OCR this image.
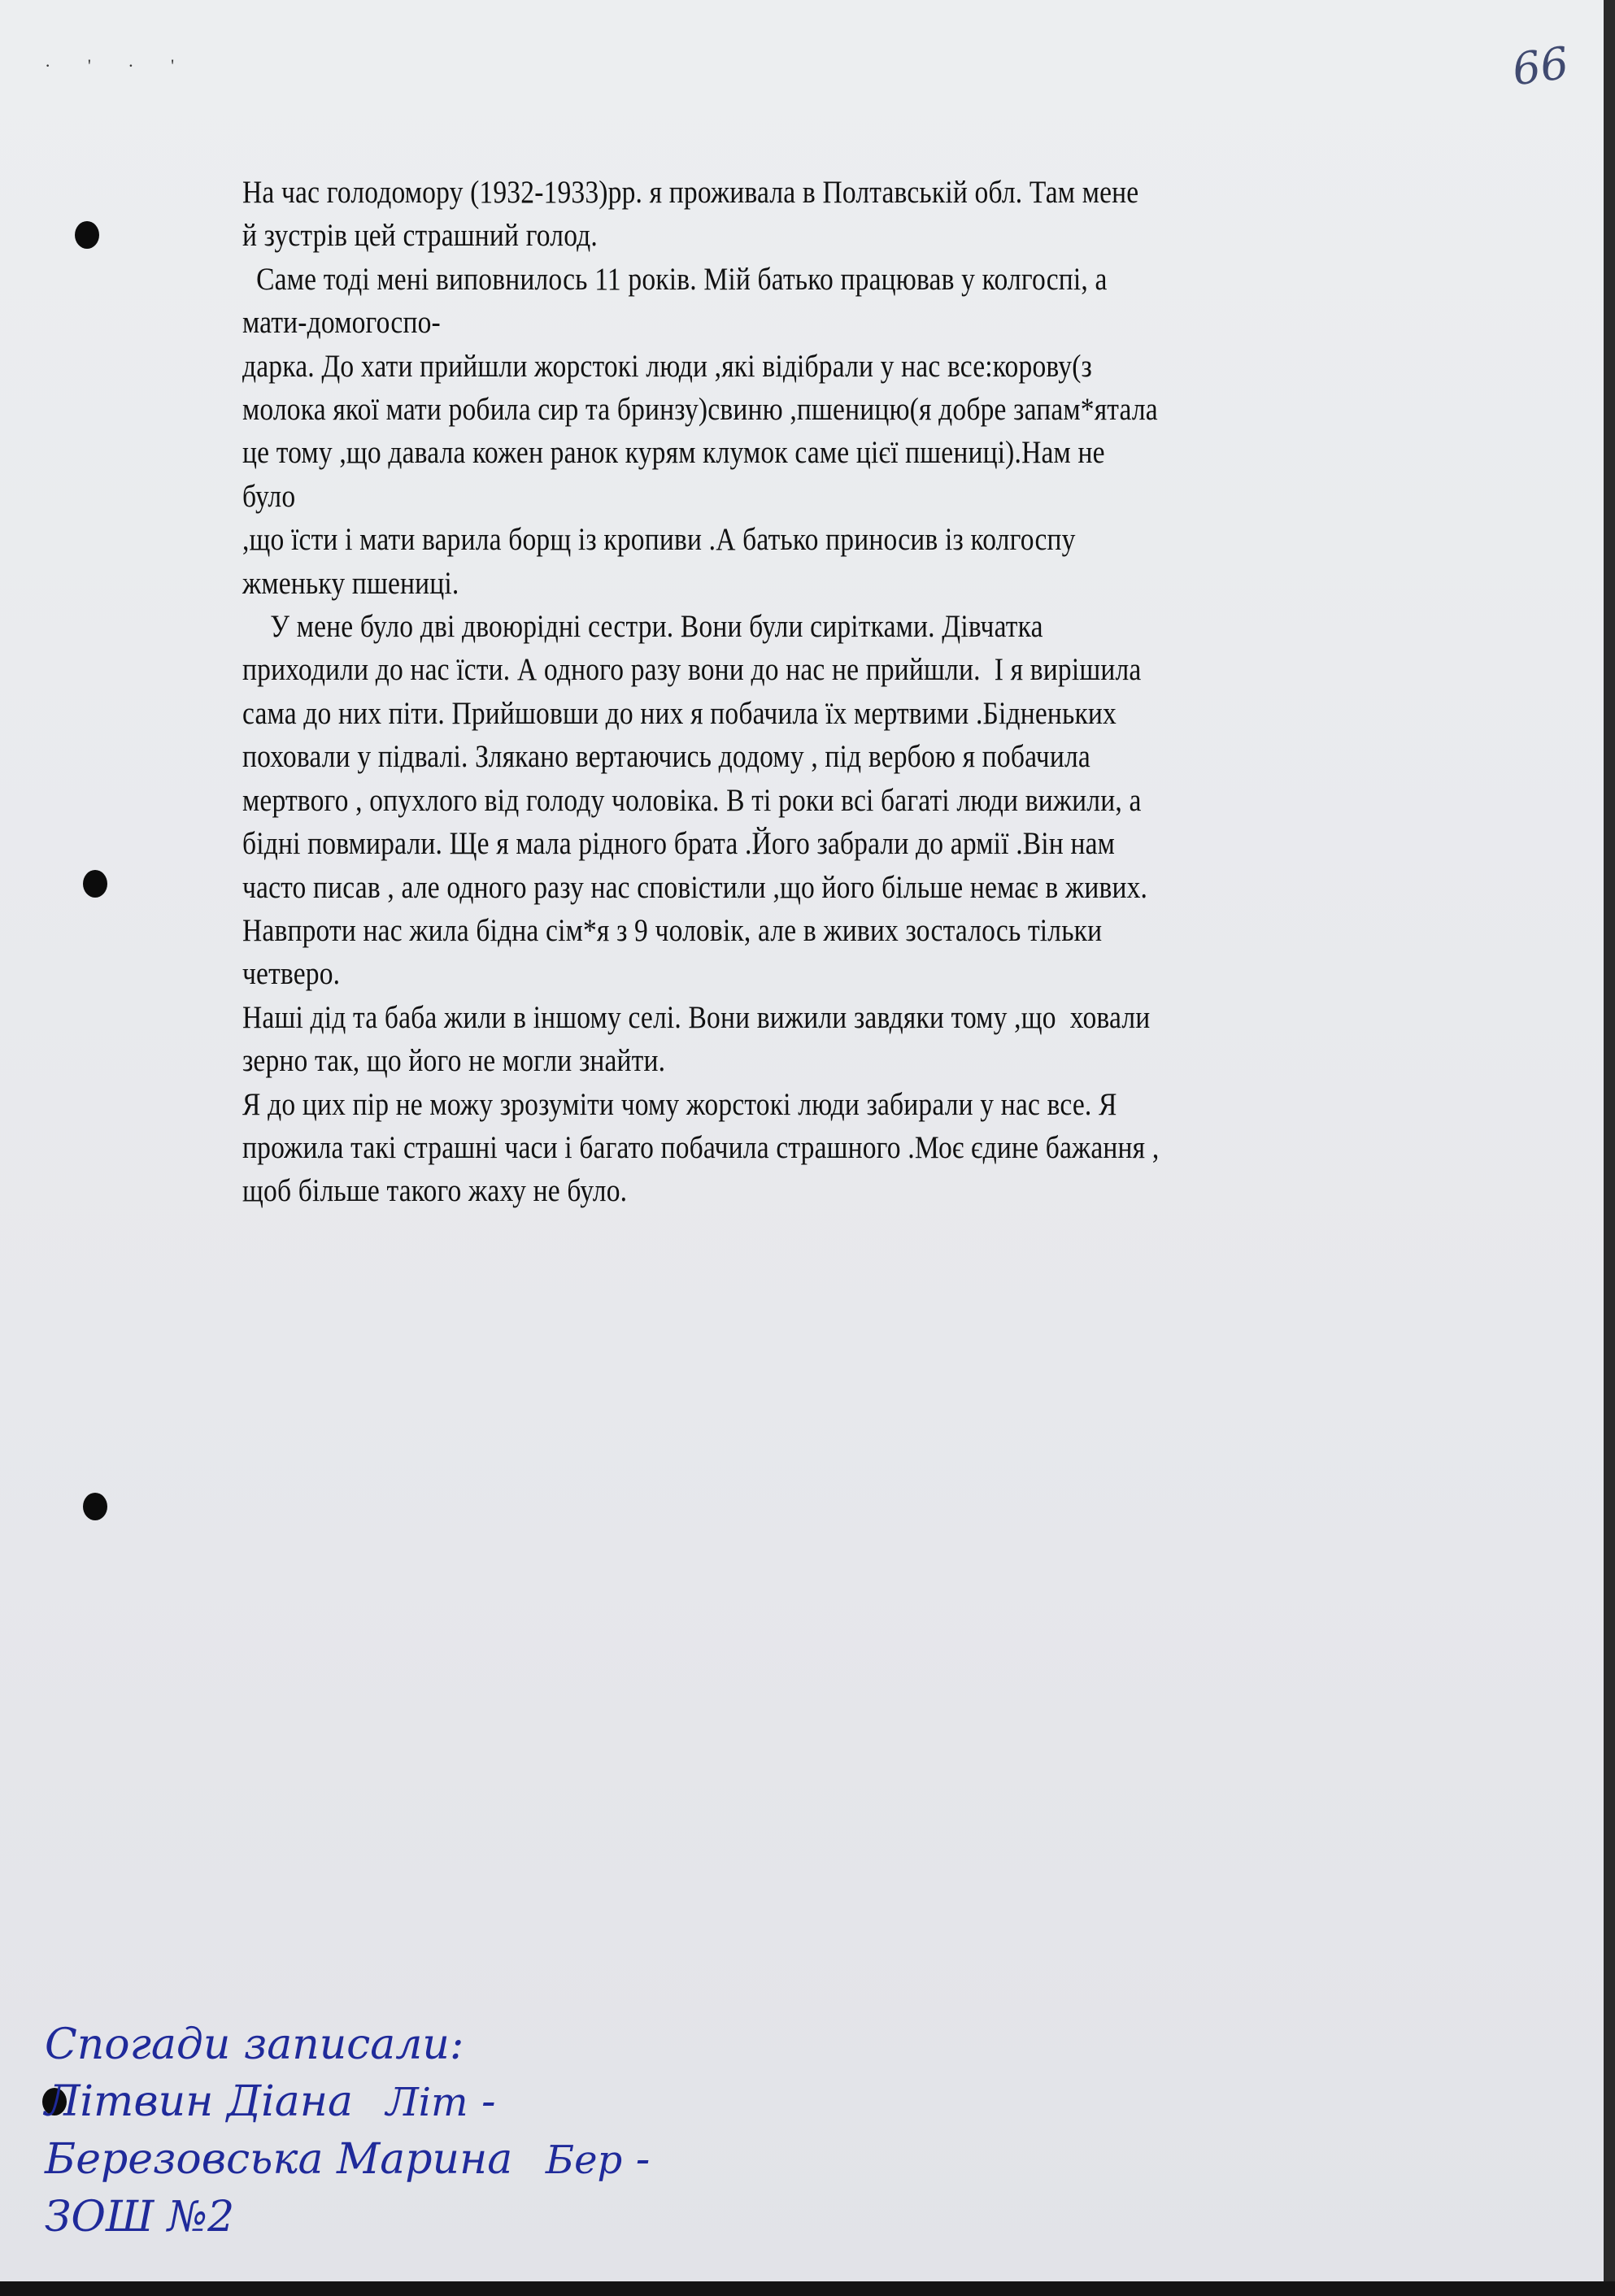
· ' · '	66
На час голодомору (1932-1933)рр. я проживала в Полтавській обл. Там мене
й зустрів цей страшний голод.
Саме тоді мені виповнилось 11 років. Мій батько працював у колгоспі, а
мати-домогоспо-
дарка. До хати прийшли жорстокі люди ,які відібрали у нас все:корову(з
молока якої мати робила сир та бринзу)свиню ,пшеницю(я добре запам*ятала
це тому ,що давала кожен ранок курям клумок саме цієї пшениці).Нам не
було
,що їсти і мати варила борщ із кропиви .А батько приносив із колгоспу
жменьку пшениці.
У мене було дві двоюрідні сестри. Вони були сирітками. Дівчатка
приходили до нас їсти. А одного разу вони до нас не прийшли.  І я вирішила
сама до них піти. Прийшовши до них я побачила їх мертвими .Бідненьких
поховали у підвалі. Злякано вертаючись додому , під вербою я побачила
мертвого , опухлого від голоду чоловіка. В ті роки всі багаті люди вижили, а
бідні повмирали. Ще я мала рідного брата .Його забрали до армії .Він нам
часто писав , але одного разу нас сповістили ,що його більше немає в живих.
Навпроти нас жила бідна сім*я з 9 чоловік, але в живих зосталось тільки
четверо.
Наші дід та баба жили в іншому селі. Вони вижили завдяки тому ,що  ховали
зерно так, що його не могли знайти.
Я до цих пір не можу зрозуміти чому жорстокі люди забирали у нас все. Я
прожила такі страшні часи і багато побачила страшного .Моє єдине бажання ,
щоб більше такого жаху не було.
Спогади записали:
Літвин Діана Літ -
Березовська Марина Бер -
ЗОШ №2
